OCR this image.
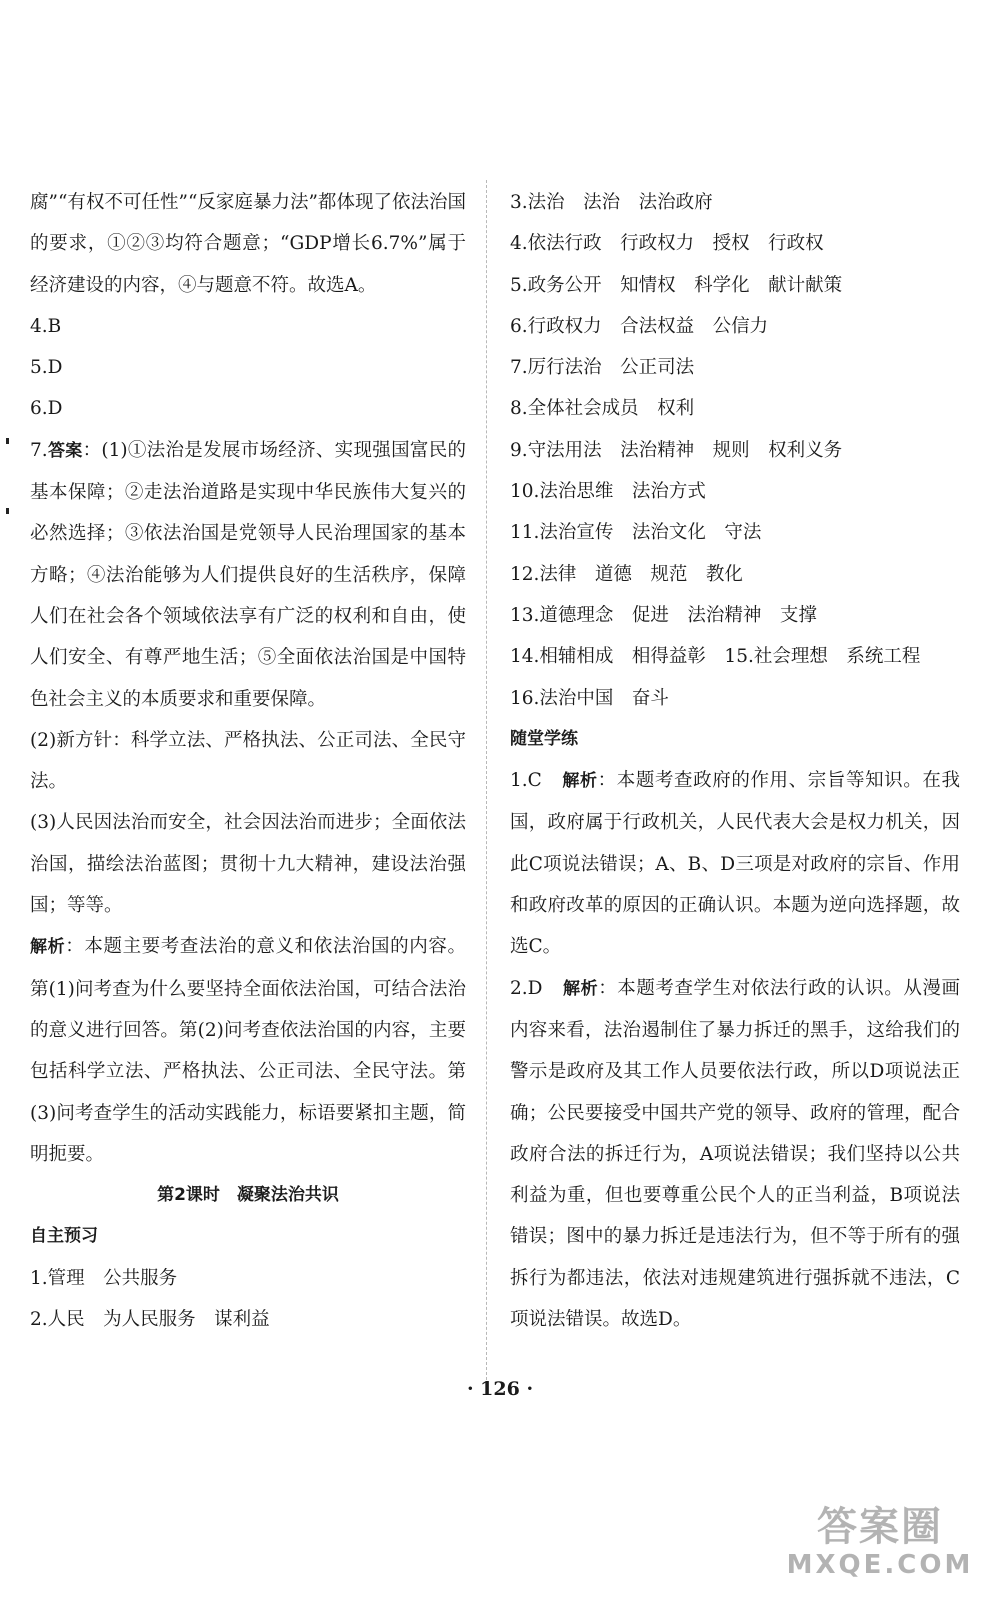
腐”“有权不可任性”“反家庭暴力法”都体现了依法治国的要求，①②③均符合题意；“GDP增长6.7%”属于经济建设的内容，④与题意不符。故选A。

4.B

5.D

6.D

7.答案：(1)①法治是发展市场经济、实现强国富民的基本保障；②走法治道路是实现中华民族伟大复兴的必然选择；③依法治国是党领导人民治理国家的基本方略；④法治能够为人们提供良好的生活秩序，保障人们在社会各个领域依法享有广泛的权利和自由，使人们安全、有尊严地生活；⑤全面依法治国是中国特色社会主义的本质要求和重要保障。

(2)新方针：科学立法、严格执法、公正司法、全民守法。

(3)人民因法治而安全，社会因法治而进步；全面依法治国，描绘法治蓝图；贯彻十九大精神，建设法治强国；等等。

解析：本题主要考查法治的意义和依法治国的内容。第(1)问考查为什么要坚持全面依法治国，可结合法治的意义进行回答。第(2)问考查依法治国的内容，主要包括科学立法、严格执法、公正司法、全民守法。第(3)问考查学生的活动实践能力，标语要紧扣主题，简明扼要。

第2课时　凝聚法治共识

自主预习

1.管理　公共服务

2.人民　为人民服务　谋利益

3.法治　法治　法治政府

4.依法行政　行政权力　授权　行政权

5.政务公开　知情权　科学化　献计献策

6.行政权力　合法权益　公信力

7.厉行法治　公正司法

8.全体社会成员　权利

9.守法用法　法治精神　规则　权利义务

10.法治思维　法治方式

11.法治宣传　法治文化　守法

12.法律　道德　规范　教化

13.道德理念　促进　法治精神　支撑

14.相辅相成　相得益彰　15.社会理想　系统工程

16.法治中国　奋斗

随堂学练

1.C 解析：本题考查政府的作用、宗旨等知识。在我国，政府属于行政机关，人民代表大会是权力机关，因此C项说法错误；A、B、D三项是对政府的宗旨、作用和政府改革的原因的正确认识。本题为逆向选择题，故选C。

2.D 解析：本题考查学生对依法行政的认识。从漫画内容来看，法治遏制住了暴力拆迁的黑手，这给我们的警示是政府及其工作人员要依法行政，所以D项说法正确；公民要接受中国共产党的领导、政府的管理，配合政府合法的拆迁行为，A项说法错误；我们坚持以公共利益为重，但也要尊重公民个人的正当利益，B项说法错误；图中的暴力拆迁是违法行为，但不等于所有的强拆行为都违法，依法对违规建筑进行强拆就不违法，C项说法错误。故选D。

· 126 ·
答案圈
MXQE.COM
